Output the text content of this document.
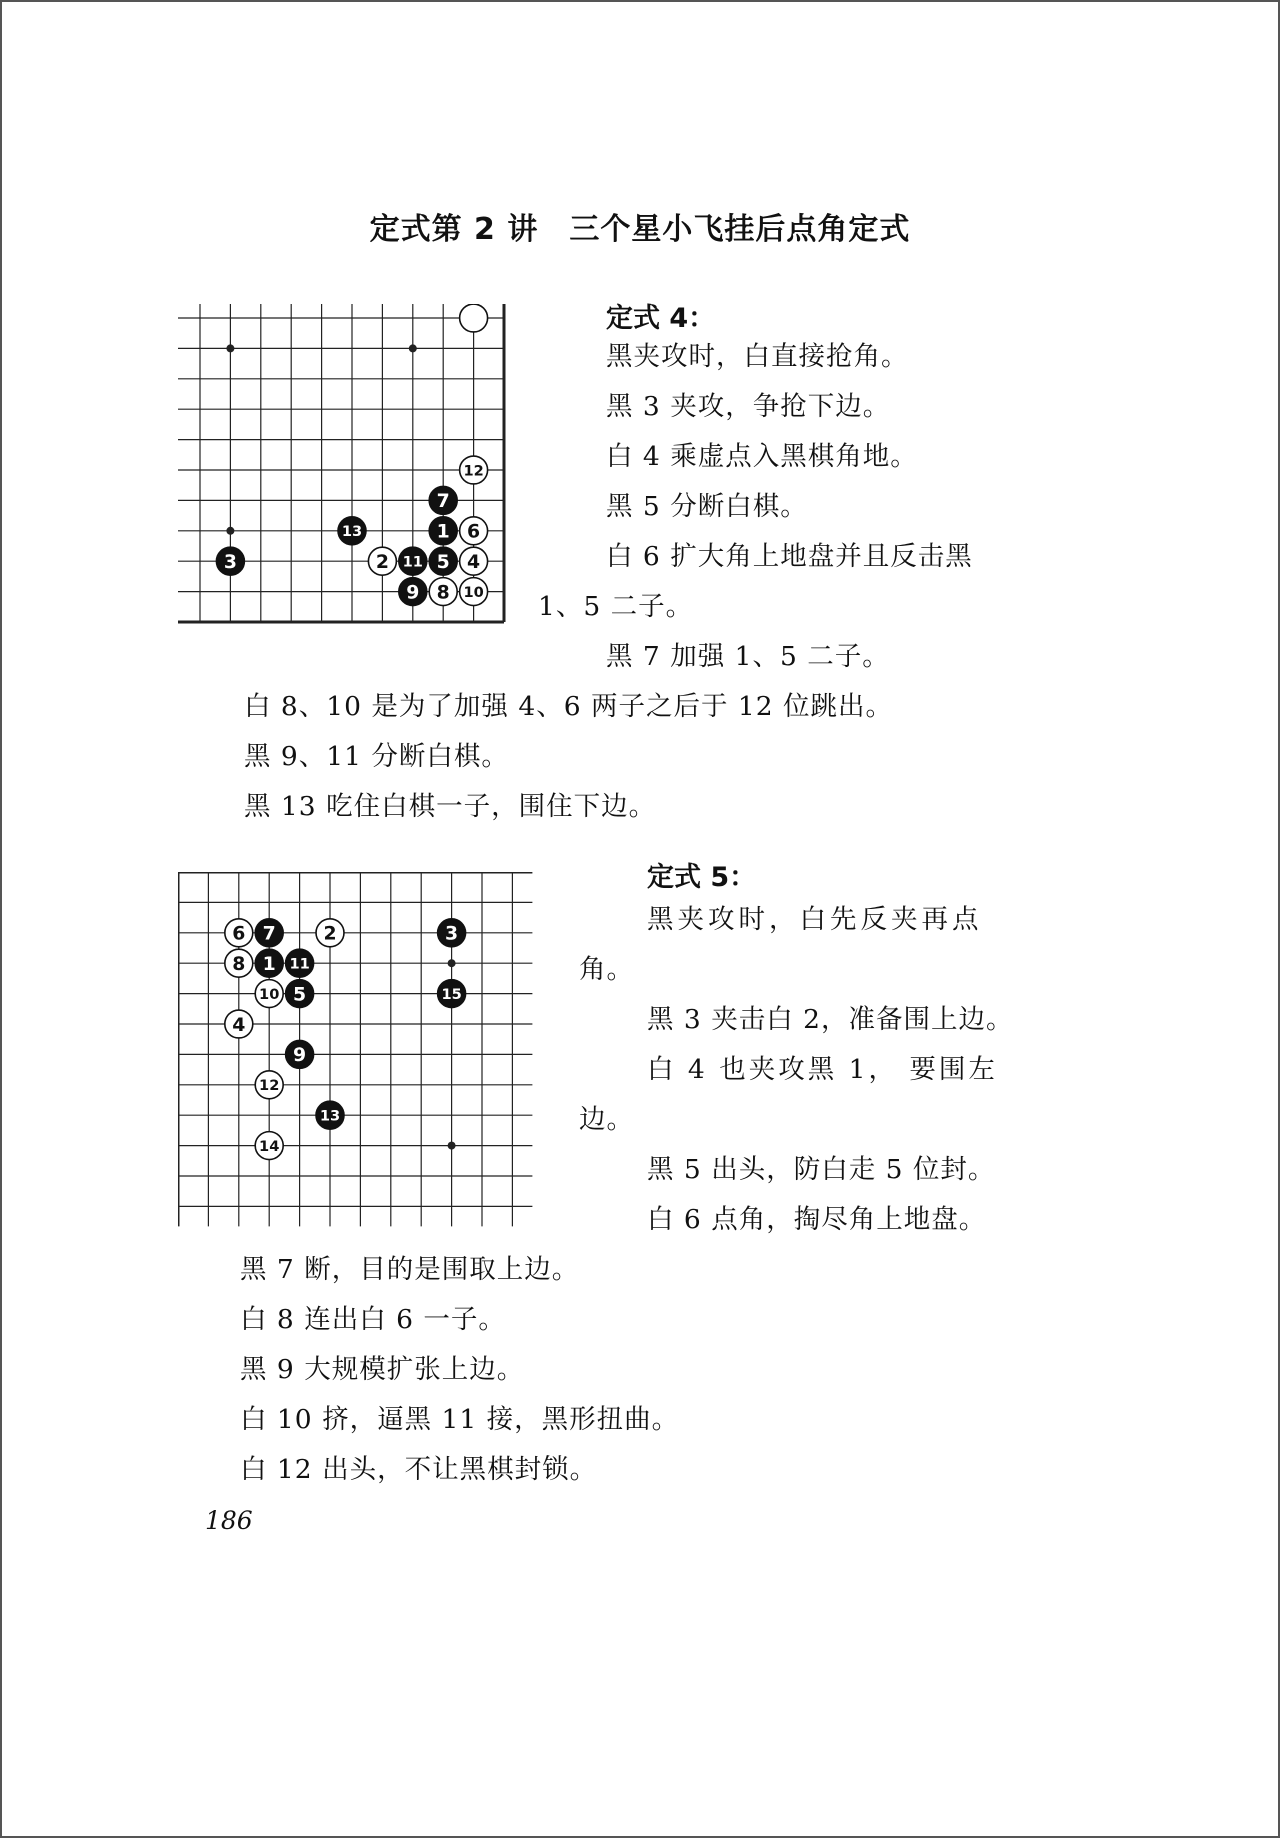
定式第 2 讲　三个星小飞挂后点角定式
12
7
1 6
13
3	2 11 5 4
9 8 10
定式 4：
黑夹攻时，白直接抢角。
黑 3 夹攻，争抢下边。
白 4 乘虚点入黑棋角地。
黑 5 分断白棋。
白 6 扩大角上地盘并且反击黑
1、5 二子。
黑 7 加强 1、5 二子。
白 8、10 是为了加强 4、6 两子之后于 12 位跳出。
黑 9、11 分断白棋。
黑 13 吃住白棋一子，围住下边。
6 7	2	3
8 1 11
10 5	15
4
9
12
13
14
定式 5：
黑夹攻时，白先反夹再点
角。
黑 3 夹击白 2，准备围上边。
白 4 也夹攻黑 1， 要围左
边。
黑 5 出头，防白走 5 位封。
白 6 点角，掏尽角上地盘。
黑 7 断，目的是围取上边。
白 8 连出白 6 一子。
黑 9 大规模扩张上边。
白 10 挤，逼黑 11 接，黑形扭曲。
白 12 出头，不让黑棋封锁。
186
